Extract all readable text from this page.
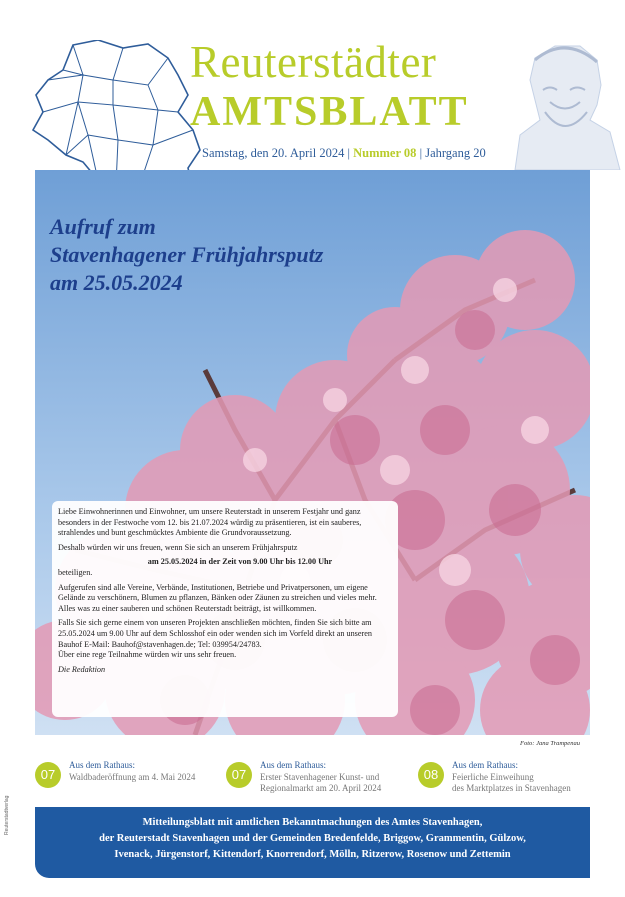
Reuterstädter
AMTSBLATT
Samstag, den 20. April 2024 | Nummer 08 | Jahrgang 20
Aufruf zum
Stavenhagener Frühjahrsputz
am 25.05.2024

Liebe Einwohnerinnen und Einwohner, um unsere Reuterstadt in unserem Festjahr und ganz besonders in der Festwoche vom 12. bis 21.07.2024 würdig zu präsentieren, ist ein sauberes, strahlendes und bunt geschmücktes Ambiente die Grundvoraussetzung.

Deshalb würden wir uns freuen, wenn Sie sich an unserem Frühjahrsputz

am 25.05.2024 in der Zeit von 9.00 Uhr bis 12.00 Uhr

beteiligen.

Aufgerufen sind alle Vereine, Verbände, Institutionen, Betriebe und Privatpersonen, um eigene Gelände zu verschönern, Blumen zu pflanzen, Bänken oder Zäunen zu streichen und vieles mehr. Alles was zu einer sauberen und schönen Reuterstadt beiträgt, ist willkommen.

Falls Sie sich gerne einem von unseren Projekten anschließen möchten, finden Sie sich bitte am 25.05.2024 um 9.00 Uhr auf dem Schlosshof ein oder wenden sich im Vorfeld direkt an unseren Bauhof E-Mail: Bauhof@stavenhagen.de; Tel: 039954/24783.

Über eine rege Teilnahme würden wir uns sehr freuen.

Die Redaktion

Foto: Jana Trampenau
07
Aus dem Rathaus:
Waldbaderöffnung am 4. Mai 2024	07
Aus dem Rathaus:
Erster Stavenhagener Kunst- und
Regionalmarkt am 20. April 2024
08
Aus dem Rathaus:
Feierliche Einweihung
des Marktplatzes in Stavenhagen
Mitteilungsblatt mit amtlichen Bekanntmachungen des Amtes Stavenhagen,
der Reuterstadt Stavenhagen und der Gemeinden Bredenfelde, Briggow, Grammentin, Gülzow,
Ivenack, Jürgenstorf, Kittendorf, Knorrendorf, Mölln, Ritzerow, Rosenow und Zettemin
Reuterstadtverlag
